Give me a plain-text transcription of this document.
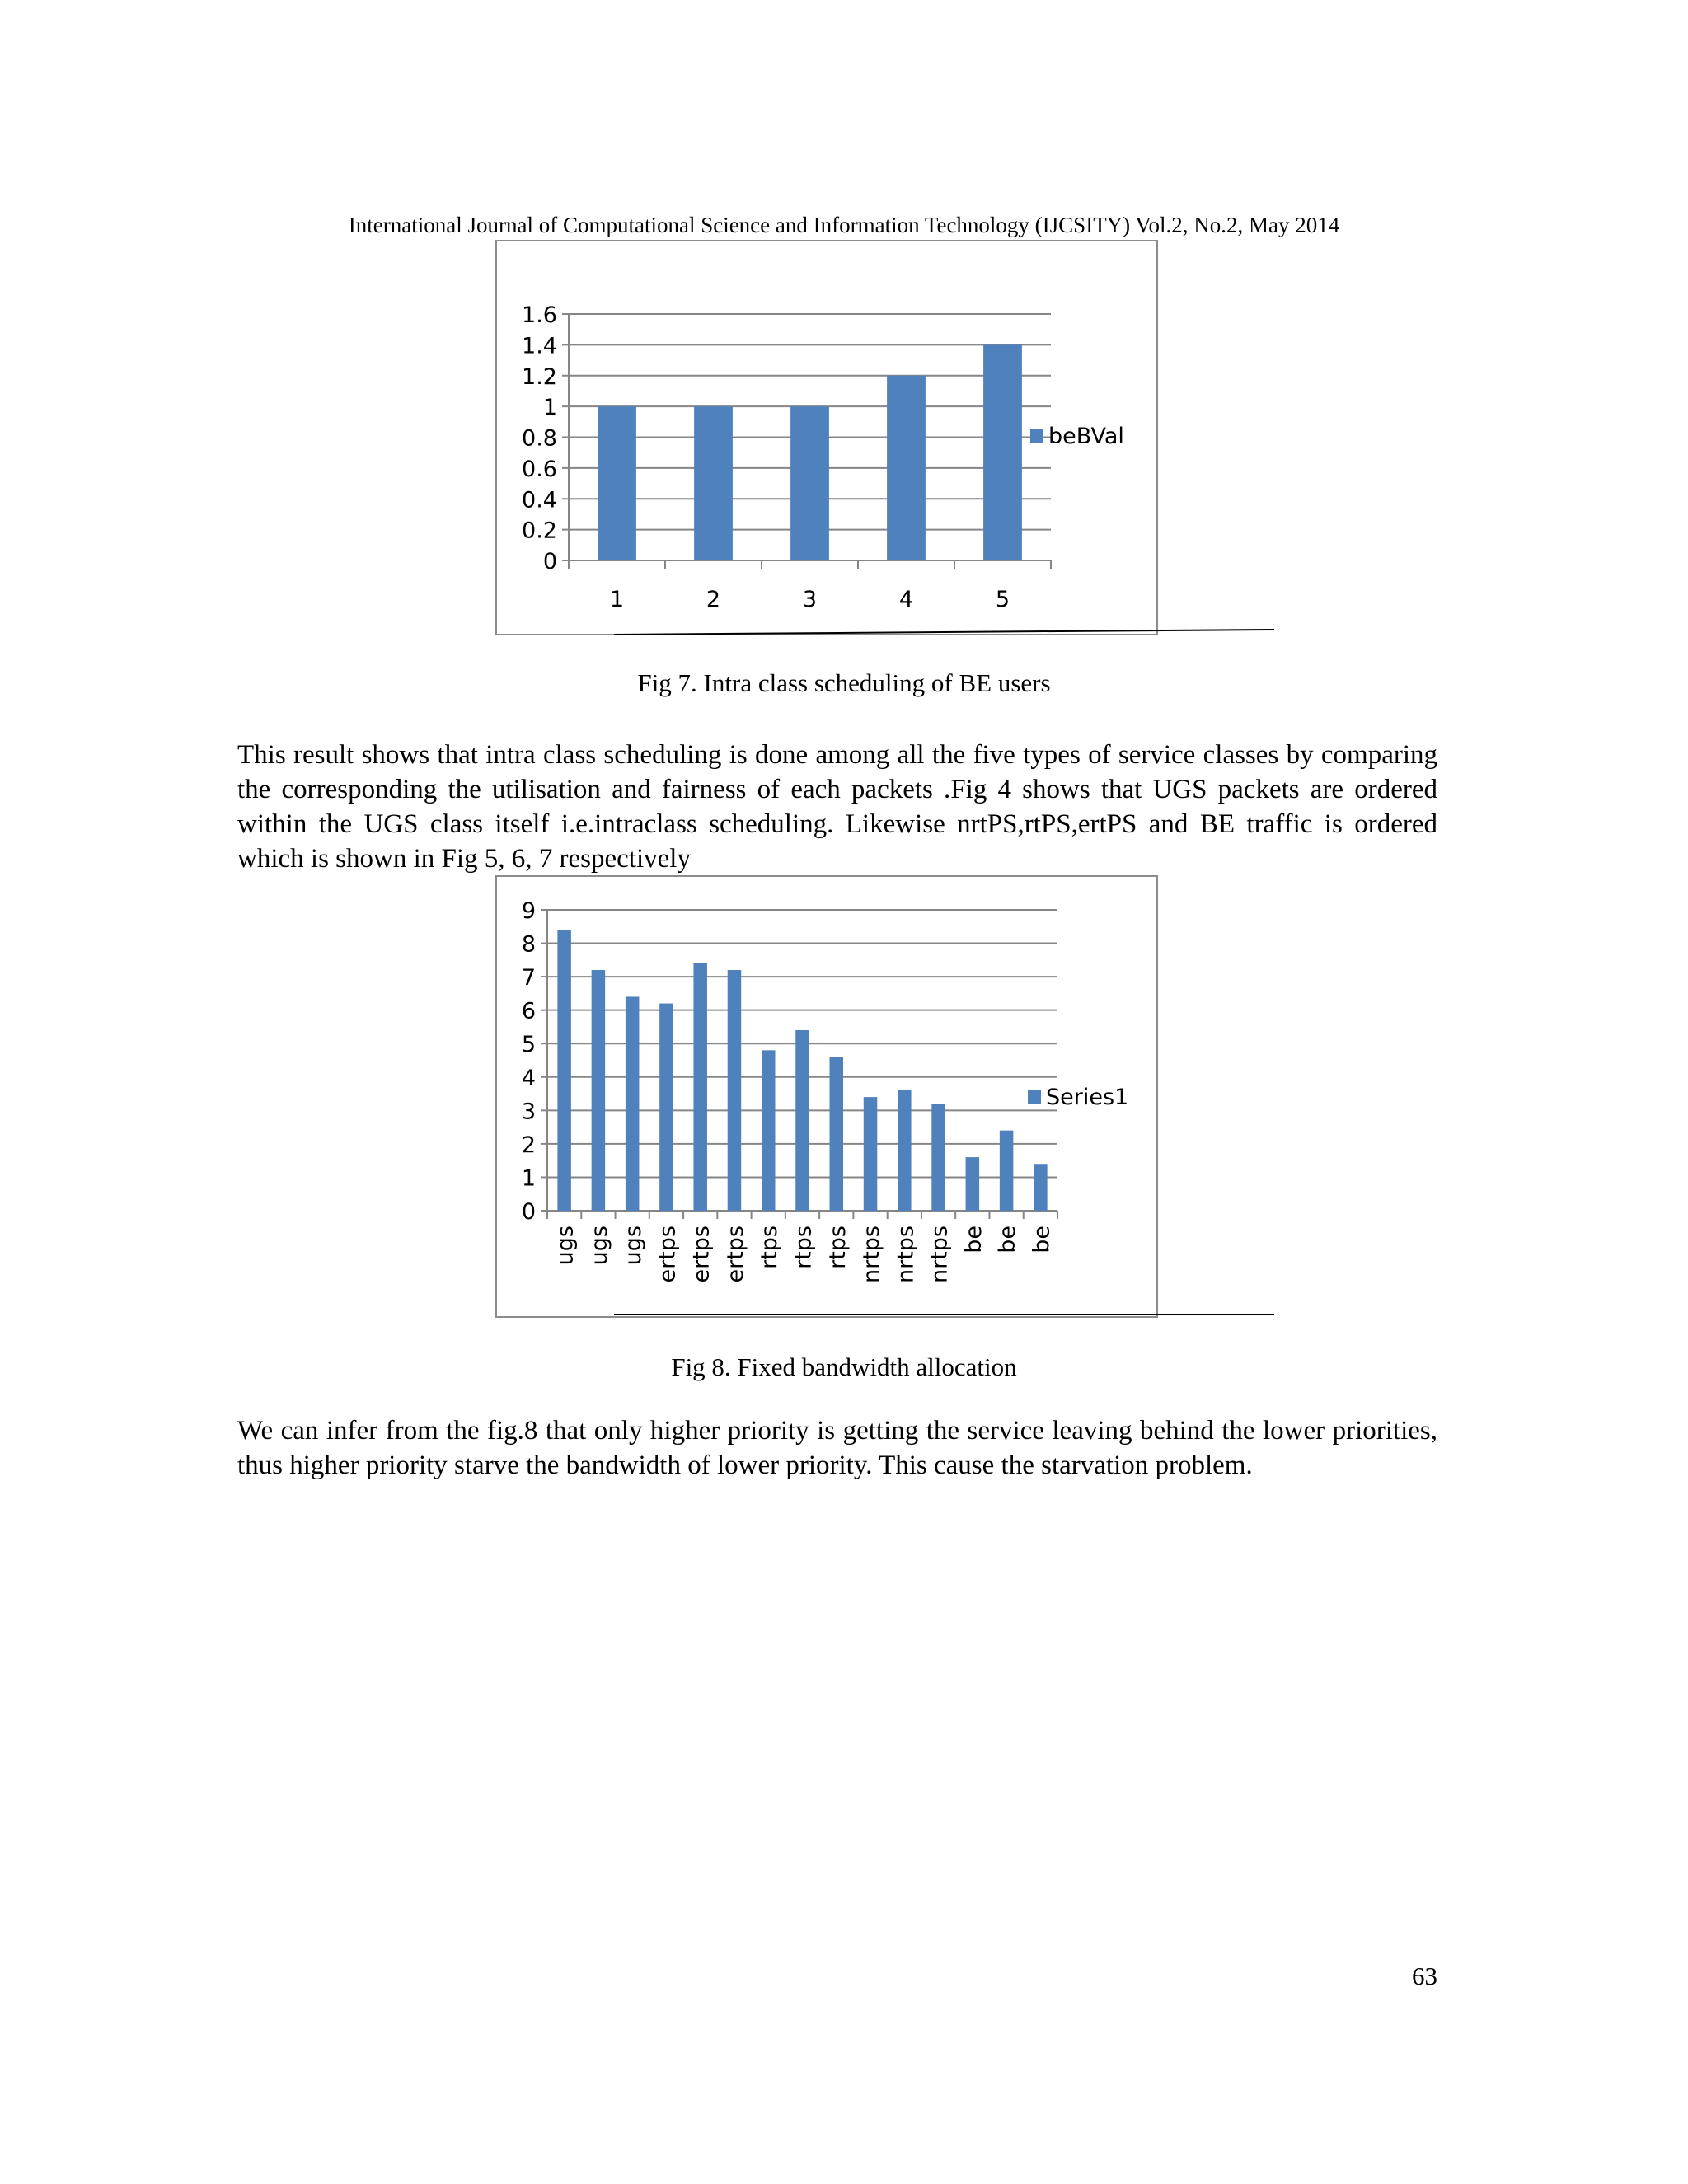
International Journal of Computational Science and Information Technology (IJCSITY) Vol.2, No.2, May 2014
0
0.2
0.4
0.6
0.8
1
1.2
1.4
1.6
1	2	3	4	5
beBVal
Fig 7. Intra class scheduling of BE users

This result shows that intra class scheduling is done among all the five types of service classes by comparing the corresponding the utilisation and fairness of each packets .Fig 4 shows that UGS packets are ordered within the UGS class itself i.e.intraclass scheduling. Likewise nrtPS,rtPS,ertPS and BE traffic is ordered which is shown in Fig 5, 6, 7 respectively

0
1
2
3
4
5
6
7
8
9
ugs ugs ugs ertps ertps ertps rtps rtps rtps nrtps nrtps nrtps be be be
Series1
Fig 8. Fixed bandwidth allocation

We can infer from the fig.8 that only higher priority is getting the service leaving behind the lower priorities, thus higher priority starve the bandwidth of lower priority. This cause the starvation problem.

63
